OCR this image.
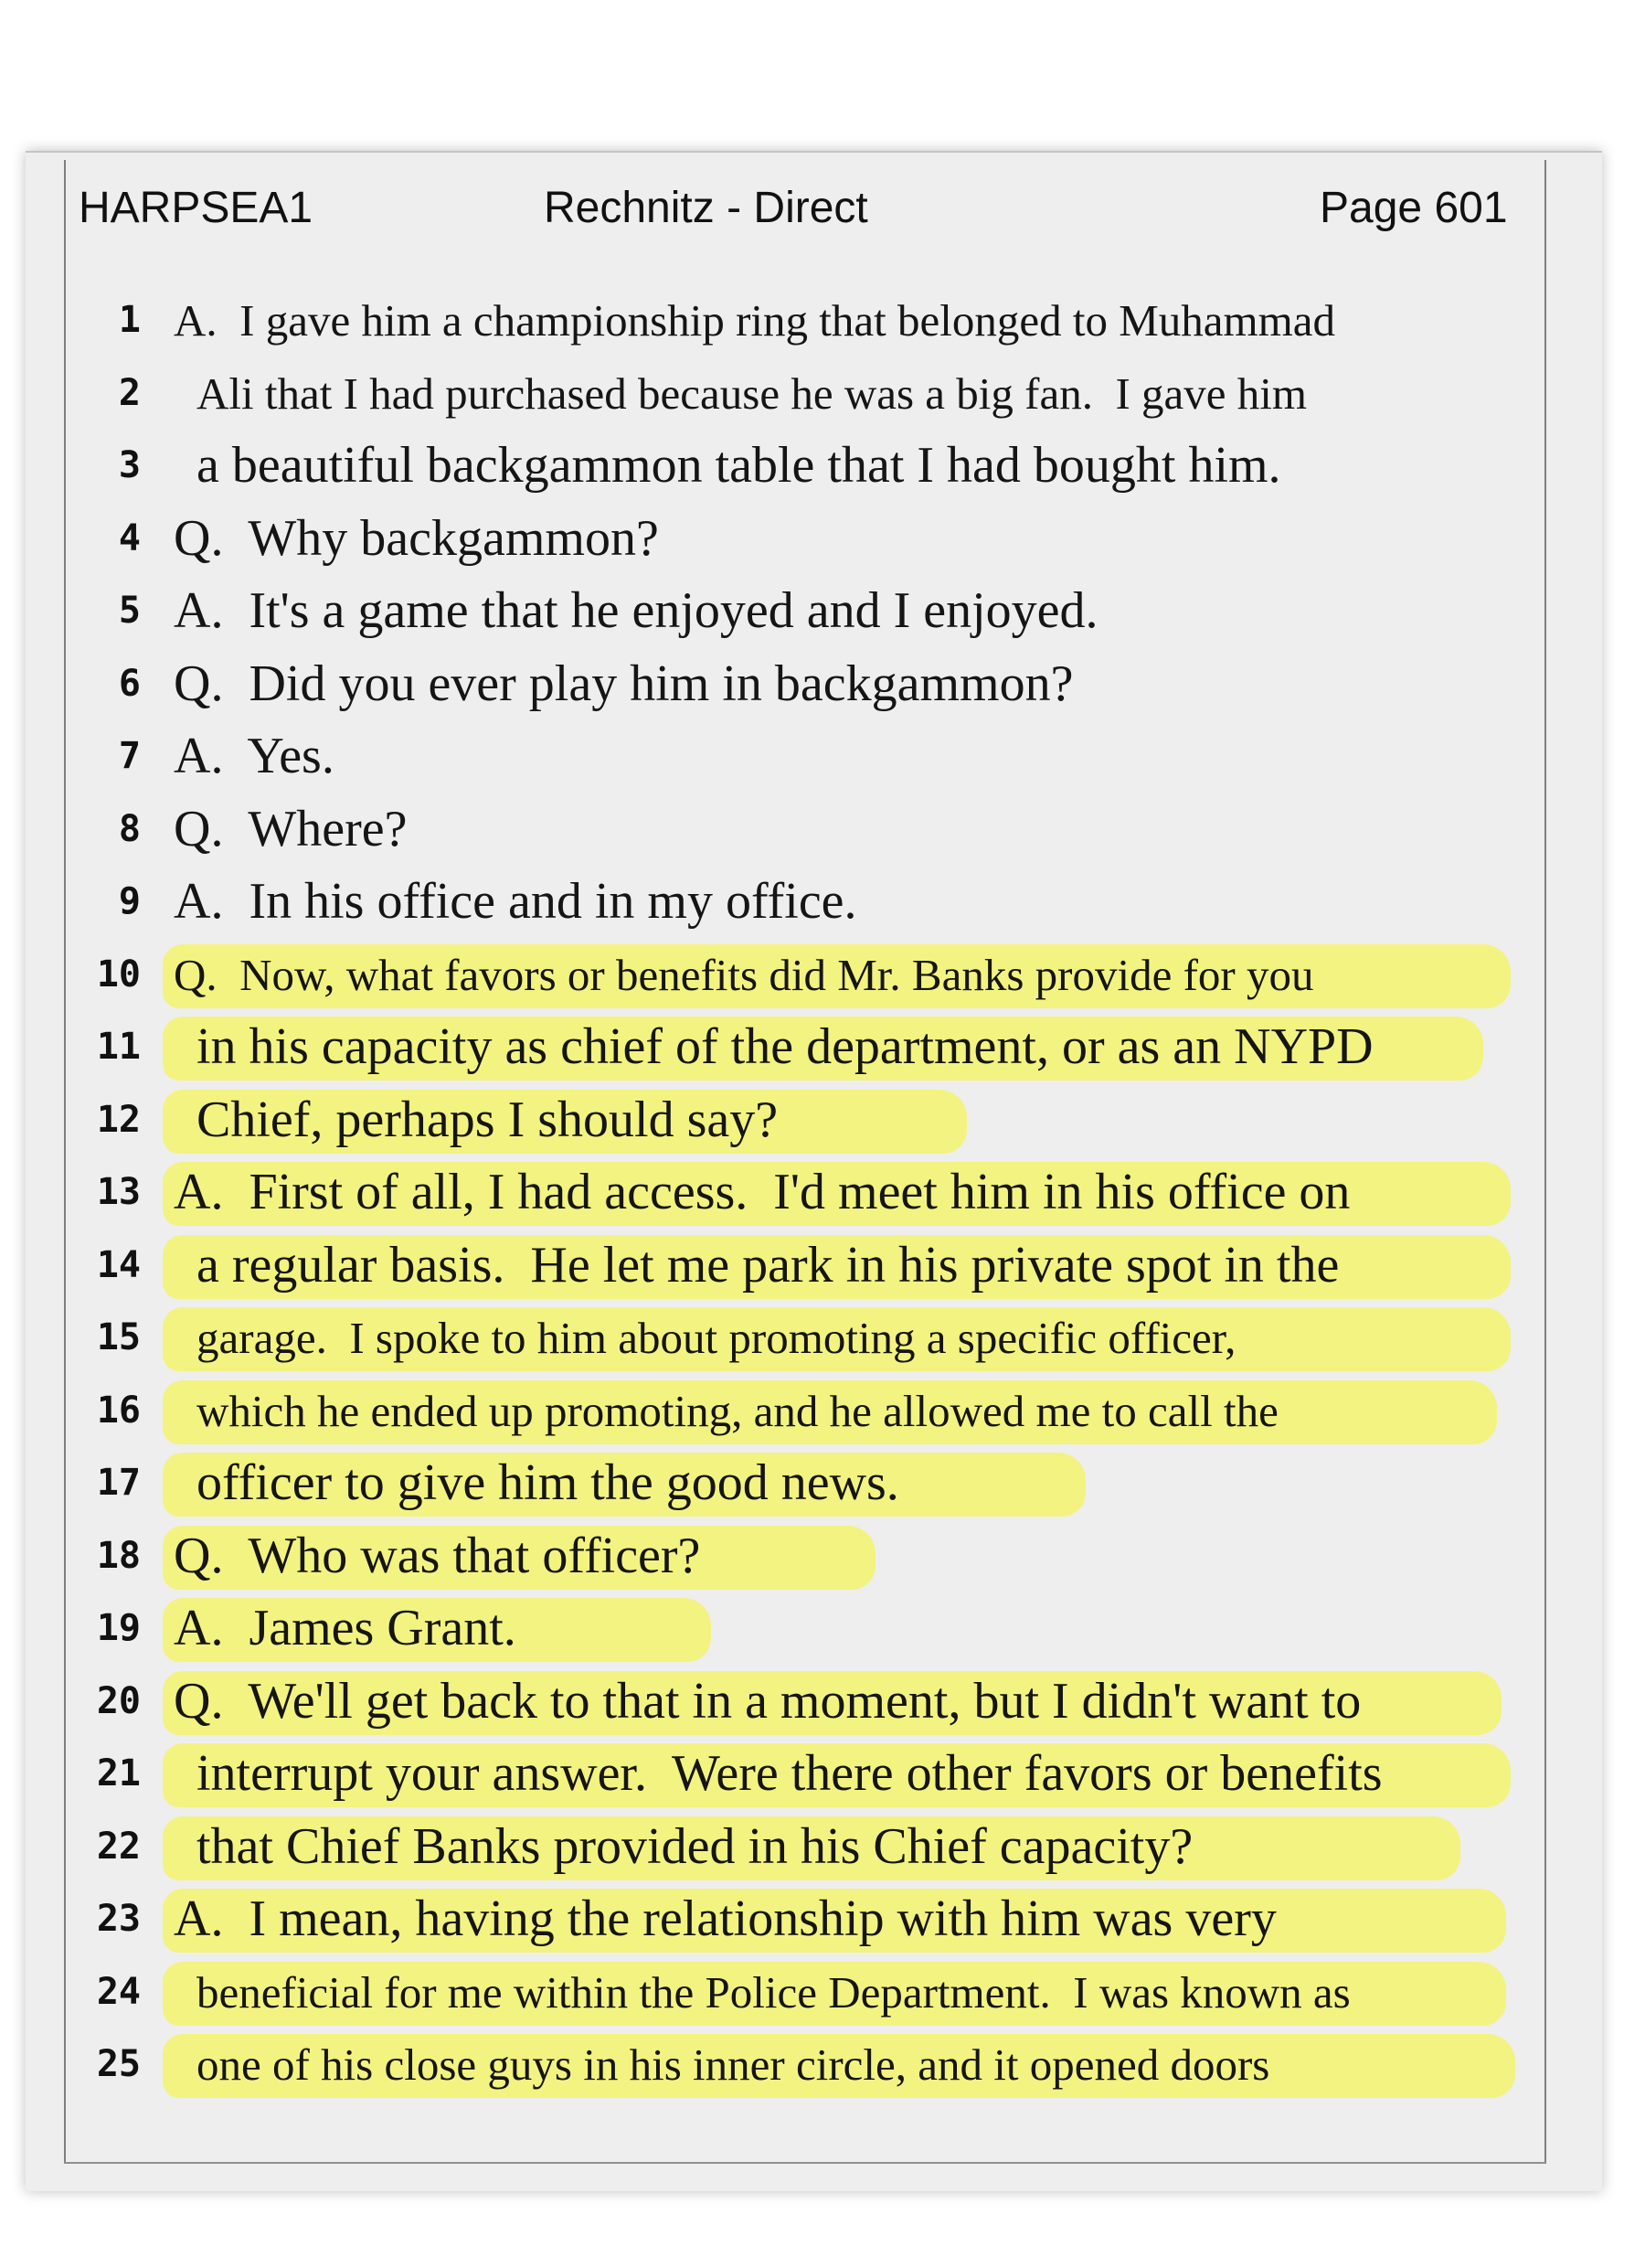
HARPSEA1	Rechnitz - Direct	Page 601
1 A.  I gave him a championship ring that belonged to Muhammad
2 Ali that I had purchased because he was a big fan.  I gave him
3 a beautiful backgammon table that I had bought him.
4 Q.  Why backgammon?
5 A.  It's a game that he enjoyed and I enjoyed.
6 Q.  Did you ever play him in backgammon?
7 A.  Yes.
8 Q.  Where?
9 A.  In his office and in my office.
10 Q.  Now, what favors or benefits did Mr. Banks provide for you
11 in his capacity as chief of the department, or as an NYPD
12 Chief, perhaps I should say?
13 A.  First of all, I had access.  I'd meet him in his office on
14 a regular basis.  He let me park in his private spot in the
15 garage.  I spoke to him about promoting a specific officer,
16 which he ended up promoting, and he allowed me to call the
17 officer to give him the good news.
18 Q.  Who was that officer?
19 A.  James Grant.
20 Q.  We'll get back to that in a moment, but I didn't want to
21 interrupt your answer.  Were there other favors or benefits
22 that Chief Banks provided in his Chief capacity?
23 A.  I mean, having the relationship with him was very
24 beneficial for me within the Police Department.  I was known as
25 one of his close guys in his inner circle, and it opened doors
